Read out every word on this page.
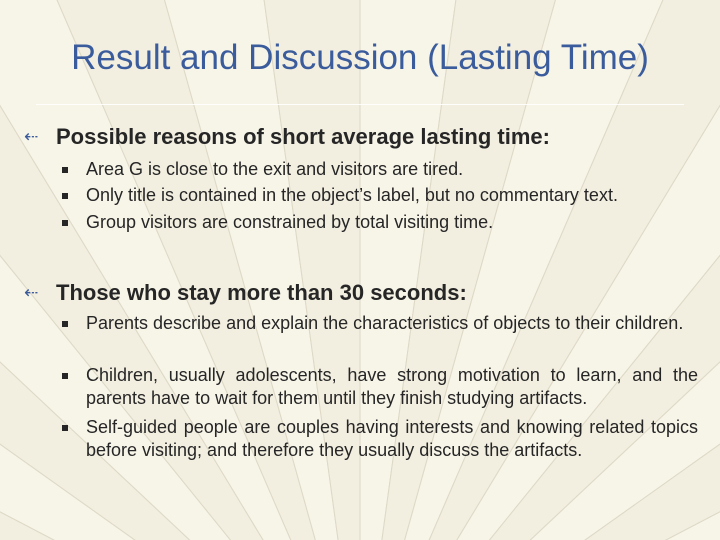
Result and Discussion (Lasting Time)
⇠ Possible reasons of short average lasting time:
Area G is close to the exit and visitors are tired.
Only title is contained in the object’s label, but no commentary text.
Group visitors are constrained by total visiting time.
⇠ Those who stay more than 30 seconds:
Parents describe and explain the characteristics of objects to their children.
Children, usually adolescents, have strong motivation to learn, and the parents have to wait for them until they finish studying artifacts.
Self-guided people are couples having interests and knowing related topics before visiting; and therefore they usually discuss the artifacts.
